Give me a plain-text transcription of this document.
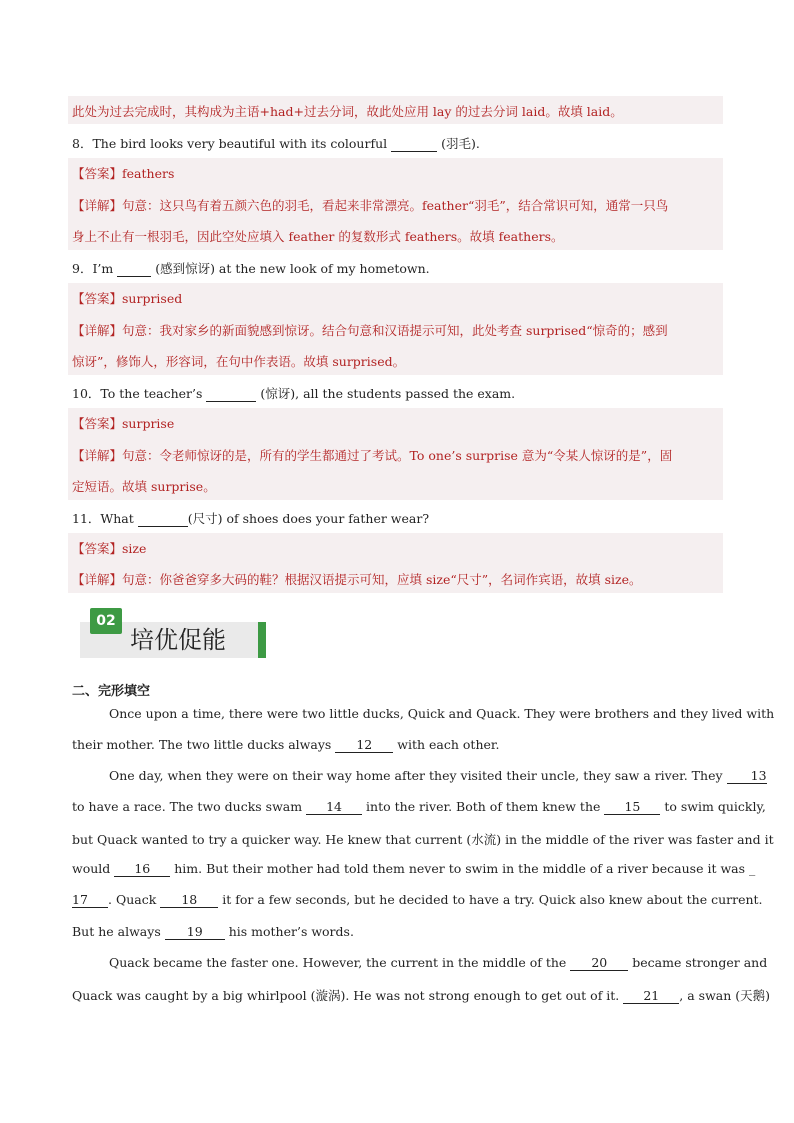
此处为过去完成时，其构成为主语+had+过去分词，故此处应用 lay 的过去分词 laid。故填 laid。
8．The bird looks very beautiful with its colourful	(羽毛).
【答案】feathers
【详解】句意：这只鸟有着五颜六色的羽毛，看起来非常漂亮。feather“羽毛”，结合常识可知，通常一只鸟
身上不止有一根羽毛，因此空处应填入 feather 的复数形式 feathers。故填 feathers。
9．I’m	(感到惊讶) at the new look of my hometown.
【答案】surprised
【详解】句意：我对家乡的新面貌感到惊讶。结合句意和汉语提示可知，此处考查 surprised“惊奇的；感到
惊讶”，修饰人，形容词，在句中作表语。故填 surprised。
10．To the teacher’s	(惊讶), all the students passed the exam.
【答案】surprise
【详解】句意：令老师惊讶的是，所有的学生都通过了考试。To one’s surprise 意为“令某人惊讶的是”，固
定短语。故填 surprise。
11．What	(尺寸) of shoes does your father wear?
【答案】size
【详解】句意：你爸爸穿多大码的鞋？根据汉语提示可知，应填 size“尺寸”，名词作宾语，故填 size。
02
培优促能
二、完形填空
Once upon a time, there were two little ducks, Quick and Quack. They were brothers and they lived with
their mother. The two little ducks always 12 with each other.
One day, when they were on their way home after they visited their uncle, they saw a river. They 13
to have a race. The two ducks swam 14 into the river. Both of them knew the 15 to swim quickly,
but Quack wanted to try a quicker way. He knew that current (水流) in the middle of the river was faster and it
would 16 him. But their mother had told them never to swim in the middle of a river because it was _
17 . Quack 18 it for a few seconds, but he decided to have a try. Quick also knew about the current.
But he always 19 his mother’s words.
Quack became the faster one. However, the current in the middle of the 20 became stronger and
Quack was caught by a big whirlpool (漩涡). He was not strong enough to get out of it. 21 , a swan (天鹅)
